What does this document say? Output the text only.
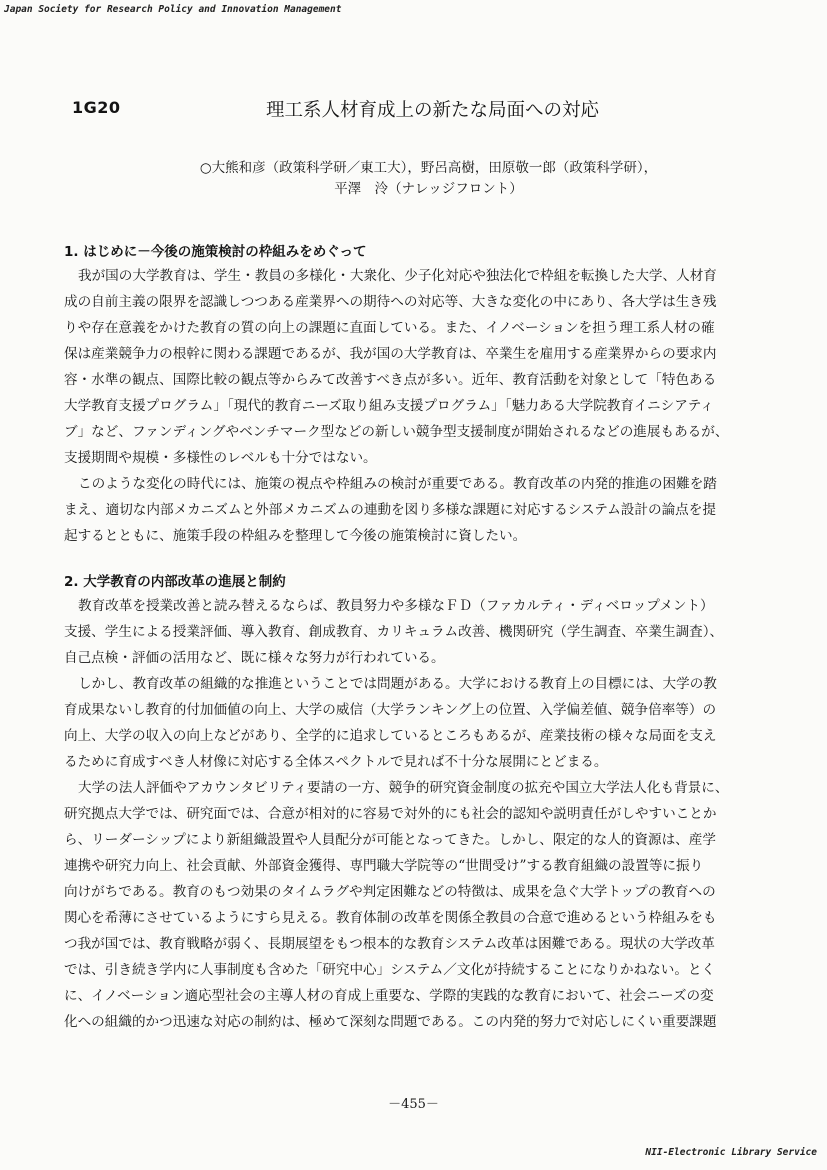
Japan Society for Research Policy and Innovation Management
1G20	理工系人材育成上の新たな局面への対応
○大熊和彦（政策科学研／東工大），野呂高樹，田原敬一郎（政策科学研），
平澤　泠（ナレッジフロント）
1. はじめに－今後の施策検討の枠組みをめぐって
我が国の大学教育は、学生・教員の多様化・大衆化、少子化対応や独法化で枠組を転換した大学、人材育
成の自前主義の限界を認識しつつある産業界への期待への対応等、大きな変化の中にあり、各大学は生き残
りや存在意義をかけた教育の質の向上の課題に直面している。また、イノベーションを担う理工系人材の確
保は産業競争力の根幹に関わる課題であるが、我が国の大学教育は、卒業生を雇用する産業界からの要求内
容・水準の観点、国際比較の観点等からみて改善すべき点が多い。近年、教育活動を対象として「特色ある
大学教育支援プログラム」「現代的教育ニーズ取り組み支援プログラム」「魅力ある大学院教育イニシアティ
ブ」など、ファンディングやベンチマーク型などの新しい競争型支援制度が開始されるなどの進展もあるが、
支援期間や規模・多様性のレベルも十分ではない。
このような変化の時代には、施策の視点や枠組みの検討が重要である。教育改革の内発的推進の困難を踏
まえ、適切な内部メカニズムと外部メカニズムの連動を図り多様な課題に対応するシステム設計の論点を提
起するとともに、施策手段の枠組みを整理して今後の施策検討に資したい。
2. 大学教育の内部改革の進展と制約
教育改革を授業改善と読み替えるならば、教員努力や多様なＦＤ（ファカルティ・ディベロップメント）
支援、学生による授業評価、導入教育、創成教育、カリキュラム改善、機関研究（学生調査、卒業生調査）、
自己点検・評価の活用など、既に様々な努力が行われている。
しかし、教育改革の組織的な推進ということでは問題がある。大学における教育上の目標には、大学の教
育成果ないし教育的付加価値の向上、大学の威信（大学ランキング上の位置、入学偏差値、競争倍率等）の
向上、大学の収入の向上などがあり、全学的に追求しているところもあるが、産業技術の様々な局面を支え
るために育成すべき人材像に対応する全体スペクトルで見れば不十分な展開にとどまる。
大学の法人評価やアカウンタビリティ要請の一方、競争的研究資金制度の拡充や国立大学法人化も背景に、
研究拠点大学では、研究面では、合意が相対的に容易で対外的にも社会的認知や説明責任がしやすいことか
ら、リーダーシップにより新組織設置や人員配分が可能となってきた。しかし、限定的な人的資源は、産学
連携や研究力向上、社会貢献、外部資金獲得、専門職大学院等の“世間受け”する教育組織の設置等に振り
向けがちである。教育のもつ効果のタイムラグや判定困難などの特徴は、成果を急ぐ大学トップの教育への
関心を希薄にさせているようにすら見える。教育体制の改革を関係全教員の合意で進めるという枠組みをも
つ我が国では、教育戦略が弱く、長期展望をもつ根本的な教育システム改革は困難である。現状の大学改革
では、引き続き学内に人事制度も含めた「研究中心」システム／文化が持続することになりかねない。とく
に、イノベーション適応型社会の主導人材の育成上重要な、学際的実践的な教育において、社会ニーズの変
化への組織的かつ迅速な対応の制約は、極めて深刻な問題である。この内発的努力で対応しにくい重要課題
－455－
NII-Electronic Library Service
